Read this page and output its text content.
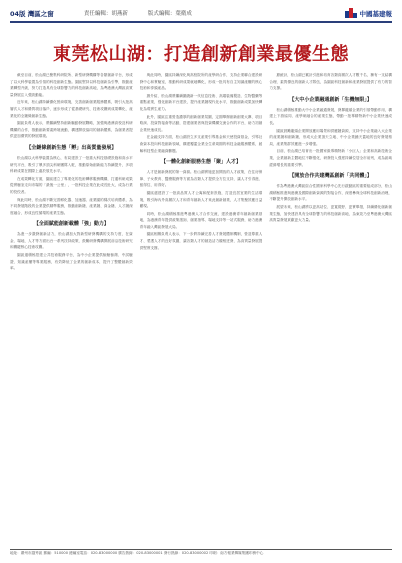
04版 灣區之窗	責任編輯：胡燕新	版式編輯：葉衛成	中國基建報
東莞松山湖：打造創新創業最優生態
截至目前，松山湖已聚集科研院所、新型研發機構等各類創新平台，形成了以大科學裝置為引領的科技創新生態。園區堅持以科技創新為引擎，推動產業轉型升級，努力打造具有全球影響力的科技創新高地，為粵港澳大灣區高質量發展注入強勁動能。
近年來，松山湖持續優化營商環境，完善創新創業服務體系，吸引大批高層次人才和優質項目落戶，逐步形成了從基礎研究、技術攻關到成果轉化、產業化的全鏈條創新生態。
園區負責人表示，將繼續堅持創新驅動發展戰略，加強與港澳高校及科研機構的合作，推動創新要素跨境流動，構建開放協同的創新體系，為創業者提供更加優質的發展環境。
【全鏈條創新生態「孵」出高質量發展】
松山湖以大科學裝置為核心，布局建設了一批重大科技基礎設施和高水平研究平台，吸引了眾多頂尖科研團隊入駐，推動原始創新能力持續提升，多項科研成果在國際上處於領先水平。
在成果轉化方面，園區建立了專業化的技術轉移服務機構，打通科研成果從實驗室走向市場的「最後一公里」，一批科技企業在此成長壯大，成為行業的佼佼者。
與此同時，松山湖不斷完善孵化器、加速器、產業園的梯次培育體系，為不同發展階段的企業提供精準服務，推動創新鏈、產業鏈、資金鏈、人才鏈深度融合，形成良性循環的產業生態。
【全面賦能創新載體「強」動力】
為進一步激發創新活力，松山湖加大對新型研發機構的支持力度，在資金、場地、人才等方面出台一系列扶持政策，鼓勵研發機構開展前沿技術研究和關鍵核心技術攻關。
園區還積極搭建公共技術服務平台，為中小企業提供檢驗檢測、中試驗證、知識產權等專業服務，有效降低了企業的創新成本，提升了整體創新效率。
與此同時，園區持續深化與高校院所的產學研合作，支持企業聯合建設研發中心和實驗室，推動科研成果就地轉化，形成一批具有自主知識產權的核心技術和拳頭產品。
據介紹，松山湖將繼續圍繞新一代信息技術、高端裝備製造、生物醫藥等重點產業，強化創新平台建設，提升產業鏈現代化水平，推動創新成果加快轉化為現實生產力。
此外，園區注重營造濃厚的創新創業氛圍，定期舉辦創新創業大賽、項目路演、投資對接會等活動，搭建創業者與投資機構交流合作的平台，助力初創企業快速成長。
在金融支持方面，松山湖設立多支產業引導基金和天使投資基金，引導社會資本投向科技創新領域，構建覆蓋企業全生命周期的科技金融服務體系，緩解科技型企業融資難題。
【一體化創新服務生態「聚」人才】
人才是創新發展的第一資源。松山湖實施更加開放的人才政策，在住房保障、子女教育、醫療服務等方面為各類人才提供全方位支持，讓人才引得進、留得住、用得好。
園區還建設了一批高品質人才公寓和配套設施，打造宜居宜業的生活環境，吸引海內外高層次人才和青年創新人才來此創新創業，人才集聚效應日益顯現。
同時，松山湖積極推進粵港澳人才合作交流，建設港澳青年創新創業基地，為港澳青年提供政策諮詢、創業指導、場地支持等一站式服務，助力港澳青年融入灣區發展大局。
園區相關負責人表示，下一步將持續完善人才發展體制機制，營造尊重人才、愛護人才的良好氛圍，讓各類人才的創造活力競相迸發，為高質量發展提供堅實支撐。
據統計，松山湖已累計引進和培育各類高層次人才數千名，擁有一支結構合理、素質優良的創新人才隊伍，為園區科技創新和產業發展提供了有力的智力支撐。
【大中小企業融通創新「生機無限」】
松山湖積極推動大中小企業融通發展，發揮龍頭企業的引領帶動作用，構建上下游協同、產學研融合的產業生態，帶動一批專精特新中小企業快速成長。
園區鼓勵龍頭企業開放應用場景和供應鏈資源，支持中小企業融入大企業的產業鏈和創新鏈，形成大企業頂天立地、中小企業鋪天蓋地的良好發展格局，產業集群效應進一步增強。
目前，松山湖已培育出一批國家級專精特新「小巨人」企業和高新技術企業，企業創新主體地位不斷強化，研發投入強度持續位居全市前列，成為區域經濟增長的重要引擎。
【開放合作共建灣區創新「共同體」】
作為粵港澳大灣區綜合性國家科學中心先行啟動區的重要組成部分，松山湖積極推進與港澳及國際創新資源的對接合作，深度參與全球科技創新治理，不斷提升開放創新水平。
展望未來，松山湖將以更高站位、更寬視野、更實舉措，持續優化創新創業生態，加快建設具有全球影響力的科技創新高地，為東莞乃至粵港澳大灣區高質量發展貢獻更大力量。
地址：廣州市越秀區 郵編：510000 總編室電話：020-83000000 廣告熱線：020-83000001 發行熱線：020-83000002 印刷：南方報業傳媒集團印務中心
